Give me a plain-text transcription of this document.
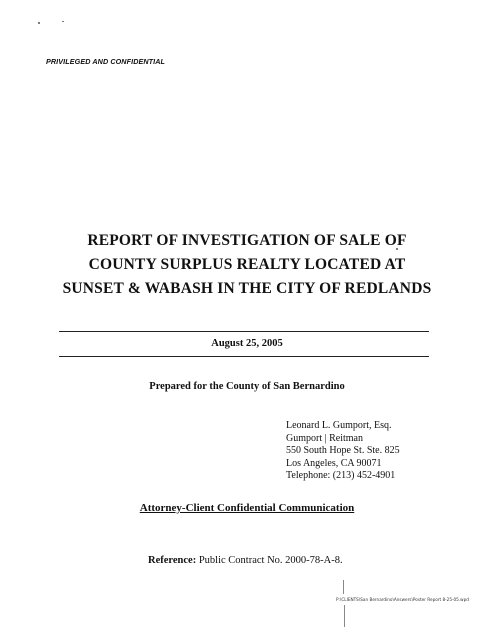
PRIVILEGED AND CONFIDENTIAL
REPORT OF INVESTIGATION OF SALE OF
COUNTY SURPLUS REALTY LOCATED AT
SUNSET & WABASH IN THE CITY OF REDLANDS
August 25, 2005
Prepared for the County of San Bernardino
Leonard L. Gumport, Esq.
Gumport | Reitman
550 South Hope St. Ste. 825
Los Angeles, CA 90071
Telephone: (213) 452-4901
Attorney-Client Confidential Communication
Reference: Public Contract No. 2000-78-A-8.
P:\CLIENTS\San Bernardino\Answers\Poster Report 8-25-05.wpd
